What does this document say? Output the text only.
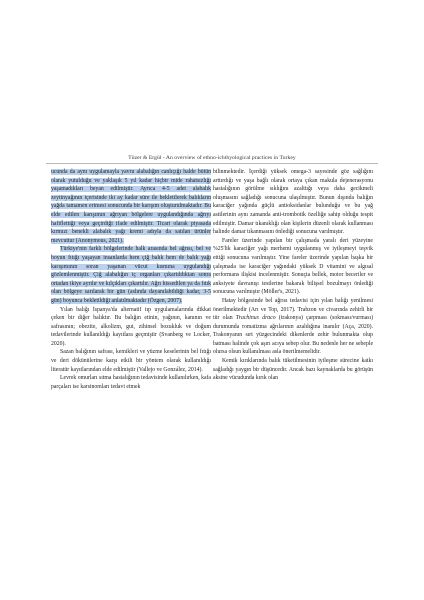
Tüzer & Ergül - An overview of ethno-ichthyological practices in Turkey

ucunda da aynı uygulamayla yavru alabalığın canlıçığı halde bütün olarak yutulduğu ve yaklaşık 5 yıl kadar hiçbir mide rahatsızlığı yaşamadıkları beyan edilmiştir. Ayrıca 4-5 adet alabalık zeytinyağının içerisinde iki ay kadar süre ile bekletilerek balıkların yağda tamamen erimesi sonucunda bir karışım oluşturulmaktadır. Bu elde edilen karışımın ağrıyan bölgelere uygulandığında ağrıyı hafiflettiği veya geçirdiği ifade edilmiştir. Ticari olarak piyasada kırmızı benekli alabalık yağı kremi adıyla da satılan ürünler mevcuttur (Anonymous, 2021).

Türkiye'nin farklı bölgelerinde halk arasında bel ağrısı, bel ve boyun fıtığı yaşayan insanlarda hem çiğ balık hem de balık yağı karışımının soran yaşanan vücut kısmına uygulandığı gözlemlenmiştir. Çiğ alabalığın iç organları çıkartıldıktan sonra ortadan ikiye ayrılır ve kılçıkları çıkartılır. Ağrı hissedilen ya da fıtık olan bölgeye sarılarak bir gün (aslında dayanılabildiği kadar, 3-5 gün) boyunca bekletildiği anlatılmaktadır (Özgen, 2007).

Yılan balığı İspanya'da alternatif tıp uygulamalarında dikkat çeken bir diğer balıktır. Bu balığın etinin, yağının, kanının ve safrasının; obezite, alkolizm, gut, zihinsel bozukluk ve doğum tedavilerinde kullanıldığı kayıtlara geçmiştir (Svanberg ve Locker, 2020).

Sazan balığının safrası, kemikleri ve yüzme keselerinin bel fıtığı ve deri dökünülerine karşı etkili bir yöntem olarak kullanıldığı literatür kayıtlarından elde edilmiştir (Vallejo ve González, 2014).

Levrek omurları sıtma hastalığının tedavisinde kullanılırken, kafa parçaları ise karsinomları tedavi etmek

bilinmektedir. İçerdiği yüksek omega-3 sayesinde göz sağlığını arttırdığı ve yaşa bağlı olarak ortaya çıkan makula dejenerasyonu hastalığının görülme sıklığını azalttığı veya daha gecikmeli oluşmasını sağladığı sonucuna ulaşılmıştır. Bunun dışında balığın karaciğer yağında güçlü antioksidanlar bulunduğu ve bu yağ asitlerinin aynı zamanda anti-trombotik özelliğe sahip olduğu tespit edilmiştir. Damar tıkanıklığı olan kişilerin düzenli olarak kullanması halinde damar tıkanmasını önlediği sonucuna varılmıştır.

Fareler üzerinde yapılan bir çalışmada yaralı deri yüzeyine %25'lik karaciğer yağı merhemi uygulanmış ve iyileşmeyi teşvik ettiği sonucuna varılmıştır. Yine fareler üzerinde yapılan başka bir çalışmada ise karaciğer yağındaki yüksek D vitamini ve algısal performans ilişkisi incelenmiştir. Sonuçta bellek, motor beceriler ve anksiyete davranışı testlerine bakarak bilişsel bozulmayı önlediği sonucuna varılmıştır (Möller's, 2021).

Hatay bölgesinde bel ağrısı tedavisi için yılan balığı yenilmesi önerilmektedir (Arı ve Top, 2017). Trabzon ve civarında zehirli bir tür olan Trachinus draco (trakonya) çarpması (sokması/vurması) durumunda romatizma ağrılarının azaldığına inanılır (Aça, 2020). Trakonyanın sırt yüzgecindeki dikenlerde zehir bulunmakta olup batması halinde çok aşırı acıya sebep olur. Bu nedenle her ne sebeple olursa olsun kullanılması asla önerilmemelidir.

Kemik kırıklarında balık tüketilmesinin iyileşme sürecine katkı sağladığı yaygın bir düşüncedir. Ancak bazı kaynaklarda bu görüşün aksine vücudunda kırık olan
